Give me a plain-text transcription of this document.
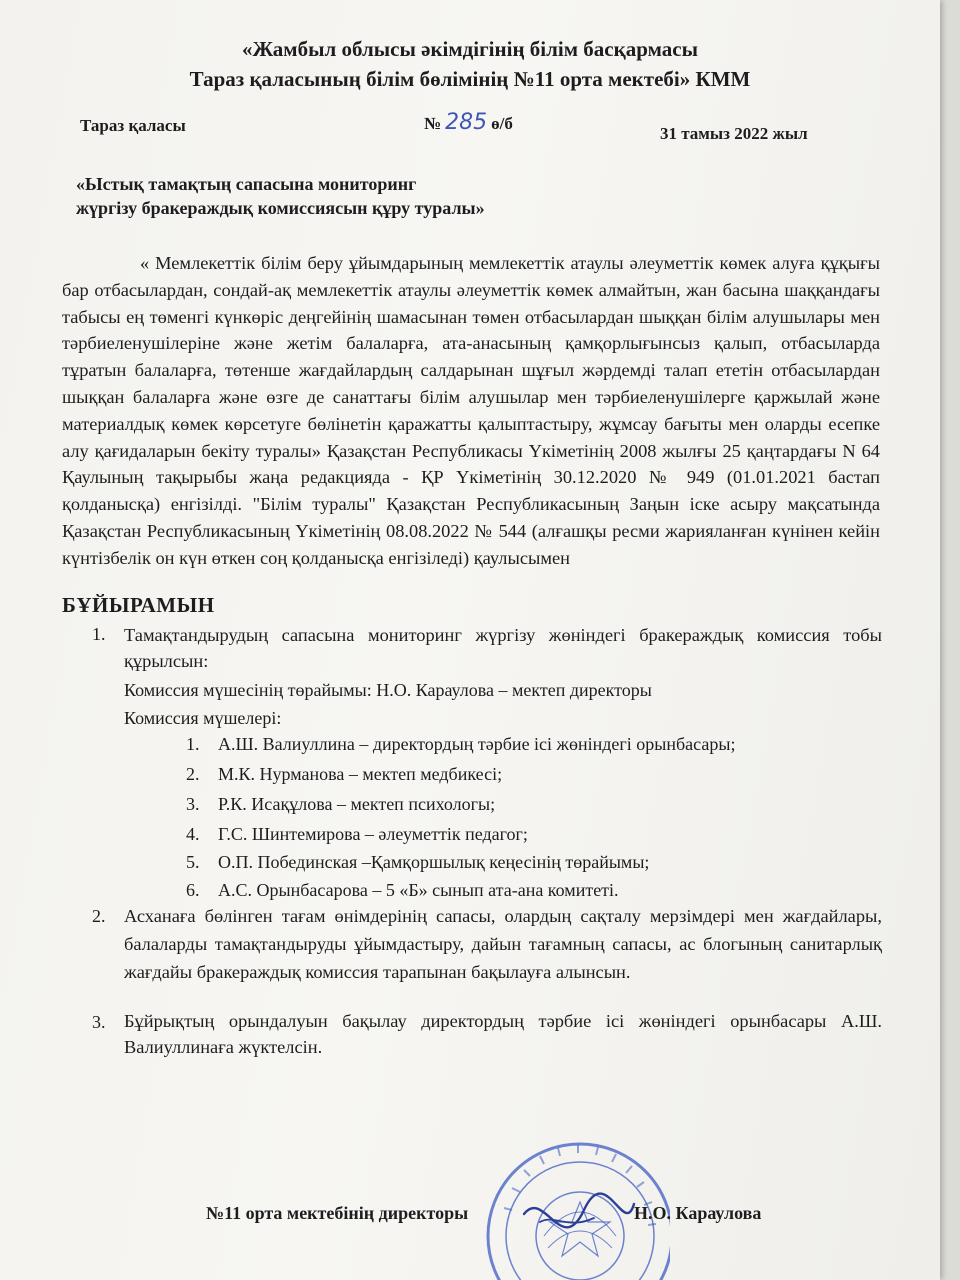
«Жамбыл облысы әкімдігінің білім басқармасы
Тараз қаласының білім бөлімінің №11 орта мектебі» КММ
Тараз қаласы	№ 285 ө/б
31 тамыз 2022 жыл
«Ыстық тамақтың сапасына мониторинг
жүргізу бракераждық комиссиясын құру туралы»
« Мемлекеттік білім беру ұйымдарының мемлекеттік атаулы әлеуметтік көмек алуға құқығы бар отбасылардан, сондай-ақ мемлекеттік атаулы әлеуметтік көмек алмайтын, жан басына шаққандағы табысы ең төменгі күнкөріс деңгейінің шамасынан төмен отбасылардан шыққан білім алушылары мен тәрбиеленушілеріне және жетім балаларға, ата-анасының қамқорлығынсыз қалып, отбасыларда тұратын балаларға, төтенше жағдайлардың салдарынан шұғыл жәрдемді талап ететін отбасылардан шыққан балаларға және өзге де санаттағы білім алушылар мен тәрбиеленушілерге қаржылай және материалдық көмек көрсетуге бөлінетін қаражатты қалыптастыру, жұмсау бағыты мен оларды есепке алу қағидаларын бекіту туралы» Қазақстан Республикасы Үкіметінің 2008 жылғы 25 қаңтардағы N 64 Қаулының тақырыбы жаңа редакцияда - ҚР Үкіметінің 30.12.2020 № 949 (01.01.2021 бастап қолданысқа) енгізілді. "Білім туралы" Қазақстан Республикасының Заңын іске асыру мақсатында Қазақстан Республикасының Үкіметінің 08.08.2022 № 544 (алғашқы ресми жарияланған күнінен кейін күнтізбелік он күн өткен соң қолданысқа енгізіледі) қаулысымен
БҰЙЫРАМЫН
1. Тамақтандырудың сапасына мониторинг жүргізу жөніндегі бракераждық комиссия тобы құрылсын:
Комиссия мүшесінің төрайымы: Н.О. Караулова – мектеп директоры
Комиссия мүшелері:
1. А.Ш. Валиуллина – директордың тәрбие ісі жөніндегі орынбасары;
2. М.К. Нурманова – мектеп медбикесі;
3. Р.К. Исақұлова – мектеп психологы;
4. Г.С. Шинтемирова – әлеуметтік педагог;
5. О.П. Побединская –Қамқоршылық кеңесінің төрайымы;
6. А.С. Орынбасарова – 5 «Б» сынып ата-ана комитеті.
2. Асханаға бөлінген тағам өнімдерінің сапасы, олардың сақталу мерзімдері мен жағдайлары, балаларды тамақтандыруды ұйымдастыру, дайын тағамның сапасы, ас блогының санитарлық жағдайы бракераждық комиссия тарапынан бақылауға алынсын.
3. Бұйрықтың орындалуын бақылау директордың тәрбие ісі жөніндегі орынбасары А.Ш. Валиуллинаға жүктелсін.
№11 орта мектебінің директоры	Н.О. Караулова
